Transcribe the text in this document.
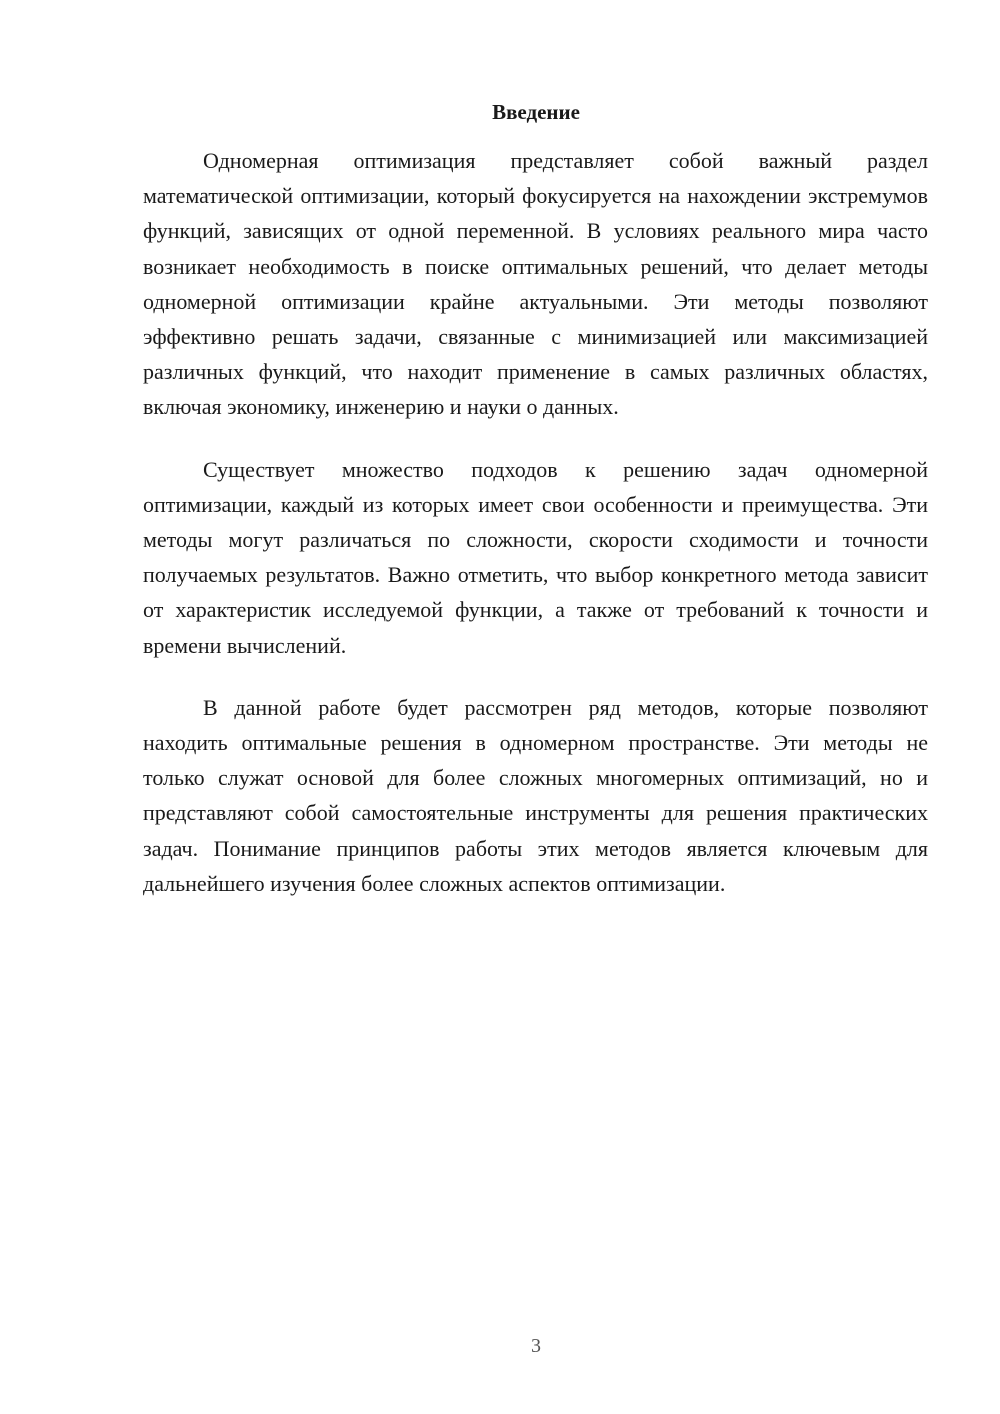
Введение

Одномерная оптимизация представляет собой важный раздел математической оптимизации, который фокусируется на нахождении экстремумов функций, зависящих от одной переменной. В условиях реального мира часто возникает необходимость в поиске оптимальных решений, что делает методы одномерной оптимизации крайне актуальными. Эти методы позволяют эффективно решать задачи, связанные с минимизацией или максимизацией различных функций, что находит применение в самых различных областях, включая экономику, инженерию и науки о данных.

Существует множество подходов к решению задач одномерной оптимизации, каждый из которых имеет свои особенности и преимущества. Эти методы могут различаться по сложности, скорости сходимости и точности получаемых результатов. Важно отметить, что выбор конкретного метода зависит от характеристик исследуемой функции, а также от требований к точности и времени вычислений.

В данной работе будет рассмотрен ряд методов, которые позволяют находить оптимальные решения в одномерном пространстве. Эти методы не только служат основой для более сложных многомерных оптимизаций, но и представляют собой самостоятельные инструменты для решения практических задач. Понимание принципов работы этих методов является ключевым для дальнейшего изучения более сложных аспектов оптимизации.

3
